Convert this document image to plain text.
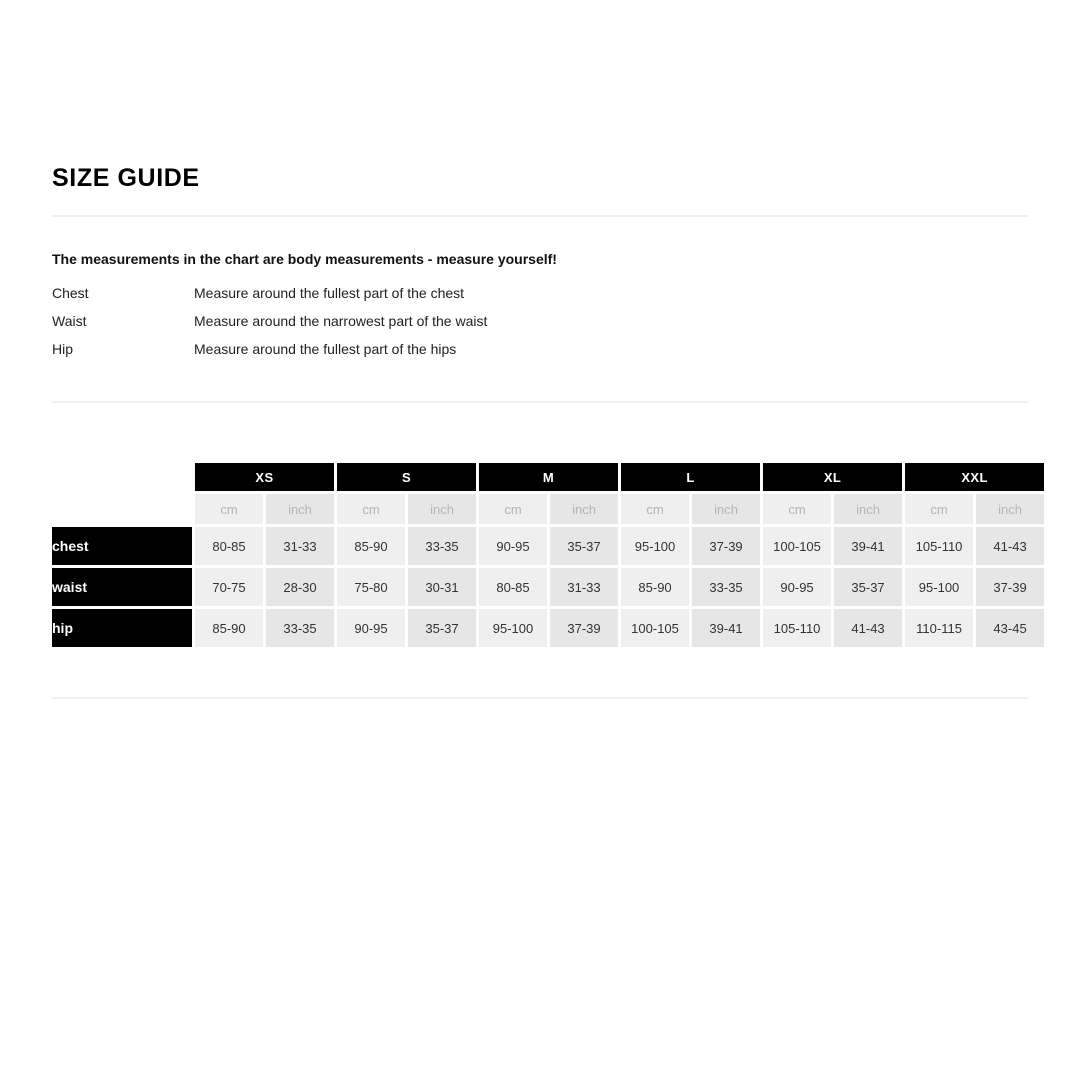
SIZE GUIDE
The measurements in the chart are body measurements - measure yourself!
Chest	Measure around the fullest part of the chest
Waist	Measure around the narrowest part of the waist
Hip	Measure around the fullest part of the hips
	XS		S		M		L		XL		XXL	
	cm	inch	cm	inch	cm	inch	cm	inch	cm	inch	cm	inch
chest	80-85	31-33	85-90	33-35	90-95	35-37	95-100	37-39	100-105	39-41	105-110	41-43
waist	70-75	28-30	75-80	30-31	80-85	31-33	85-90	33-35	90-95	35-37	95-100	37-39
hip	85-90	33-35	90-95	35-37	95-100	37-39	100-105	39-41	105-110	41-43	110-115	43-45
